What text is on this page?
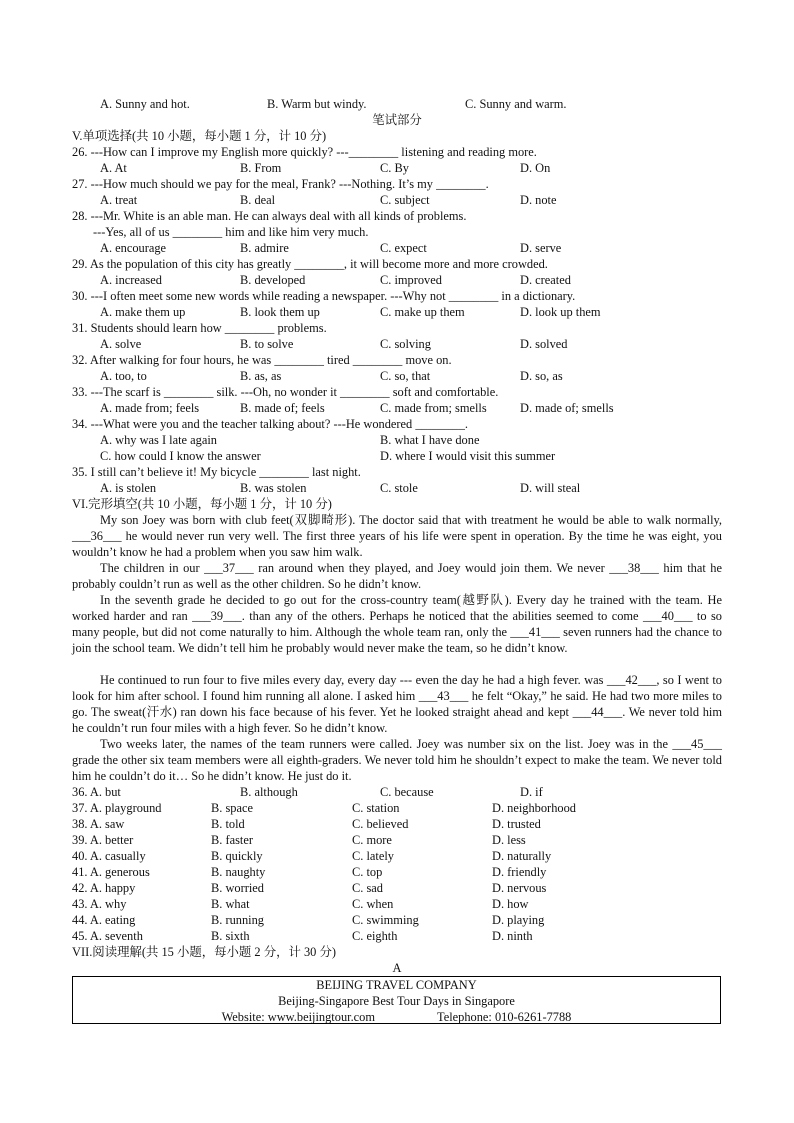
A. Sunny and hot.	B. Warm but windy.	C. Sunny and warm.
笔试部分
V.单项选择(共 10 小题，每小题 1 分，计 10 分)
26. ---How can I improve my English more quickly? ---________ listening and reading more.
A. At	B. From	C. By	D. On
27. ---How much should we pay for the meal, Frank? ---Nothing. It’s my ________.
A. treat	B. deal	C. subject	D. note
28. ---Mr. White is an able man. He can always deal with all kinds of problems.
---Yes, all of us ________ him and like him very much.
A. encourage	B. admire	C. expect	D. serve
29. As the population of this city has greatly ________, it will become more and more crowded.
A. increased	B. developed	C. improved	D. created
30. ---I often meet some new words while reading a newspaper. ---Why not ________ in a dictionary.
A. make them up	B. look them up	C. make up them	D. look up them
31. Students should learn how ________ problems.
A. solve	B. to solve	C. solving	D. solved
32. After walking for four hours, he was ________ tired ________ move on.
A. too, to	B. as, as	C. so, that	D. so, as
33. ---The scarf is ________ silk. ---Oh, no wonder it ________ soft and comfortable.
A. made from; feels	B. made of; feels	C. made from; smells	D. made of; smells
34. ---What were you and the teacher talking about? ---He wondered ________.
A. why was I late again	B. what I have done
C. how could I know the answer	D. where I would visit this summer
35. I still can’t believe it! My bicycle ________ last night.
A. is stolen	B. was stolen	C. stole	D. will steal
VI.完形填空(共 10 小题，每小题 1 分，计 10 分)
My son Joey was born with club feet(双脚畸形). The doctor said that with treatment he would be able to walk normally, ___36___ he would never run very well. The first three years of his life were spent in operation. By the time he was eight, you wouldn’t know he had a problem when you saw him walk.
The children in our ___37___ ran around when they played, and Joey would join them. We never ___38___ him that he probably couldn’t run as well as the other children. So he didn’t know.
In the seventh grade he decided to go out for the cross-country team(越野队). Every day he trained with the team. He worked harder and ran ___39___. than any of the others. Perhaps he noticed that the abilities seemed to come ___40___ to so many people, but did not come naturally to him. Although the whole team ran, only the ___41___ seven runners had the chance to join the school team. We didn’t tell him he probably would never make the team, so he didn’t know.
He continued to run four to five miles every day, every day --- even the day he had a high fever. was ___42___, so I went to look for him after school. I found him running all alone. I asked him ___43___ he felt “Okay,” he said. He had two more miles to go. The sweat(汗水) ran down his face because of his fever. Yet he looked straight ahead and kept ___44___. We never told him he couldn’t run four miles with a high fever. So he didn’t know.
Two weeks later, the names of the team runners were called. Joey was number six on the list. Joey was in the ___45___ grade the other six team members were all eighth-graders. We never told him he shouldn’t expect to make the team. We never told him he couldn’t do it… So he didn’t know. He just do it.
36. A. but	B. although	C. because	D. if
37. A. playground	B. space	C. station	D. neighborhood
38. A. saw	B. told	C. believed	D. trusted
39. A. better	B. faster	C. more	D. less
40. A. casually	B. quickly	C. lately	D. naturally
41. A. generous	B. naughty	C. top	D. friendly
42. A. happy	B. worried	C. sad	D. nervous
43. A. why	B. what	C. when	D. how
44. A. eating	B. running	C. swimming	D. playing
45. A. seventh	B. sixth	C. eighth	D. ninth
VII.阅读理解(共 15 小题，每小题 2 分，计 30 分)
A
BEIJING TRAVEL COMPANY
Beijing-Singapore Best Tour Days in Singapore
Website: www.beijingtour.com	Telephone: 010-6261-7788
